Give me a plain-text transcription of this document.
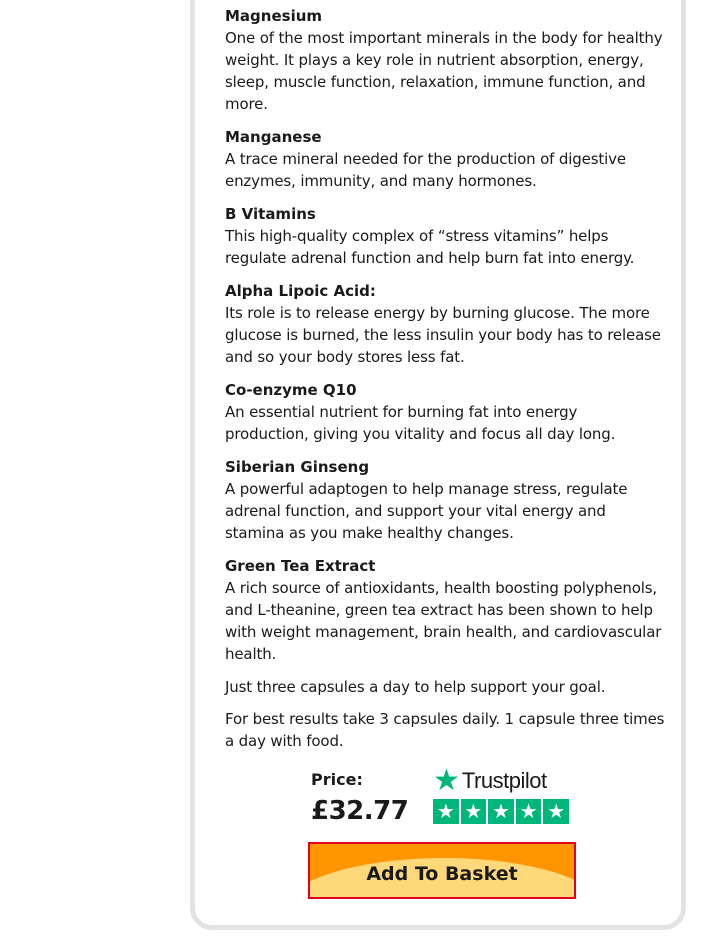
Magnesium

One of the most important minerals in the body for healthy
weight. It plays a key role in nutrient absorption, energy,
sleep, muscle function, relaxation, immune function, and
more.

Manganese

A trace mineral needed for the production of digestive
enzymes, immunity, and many hormones.

B Vitamins

This high-quality complex of “stress vitamins” helps
regulate adrenal function and help burn fat into energy.

Alpha Lipoic Acid:

Its role is to release energy by burning glucose. The more
glucose is burned, the less insulin your body has to release
and so your body stores less fat.

Co-enzyme Q10

An essential nutrient for burning fat into energy
production, giving you vitality and focus all day long.

Siberian Ginseng

A powerful adaptogen to help manage stress, regulate
adrenal function, and support your vital energy and
stamina as you make healthy changes.

Green Tea Extract

A rich source of antioxidants, health boosting polyphenols,
and L-theanine, green tea extract has been shown to help
with weight management, brain health, and cardiovascular
health.

Just three capsules a day to help support your goal.

For best results take 3 capsules daily. 1 capsule three times
a day with food.

Price:

£32.77

★ Trustpilot
★ ★ ★ ★ ★
Add To Basket
